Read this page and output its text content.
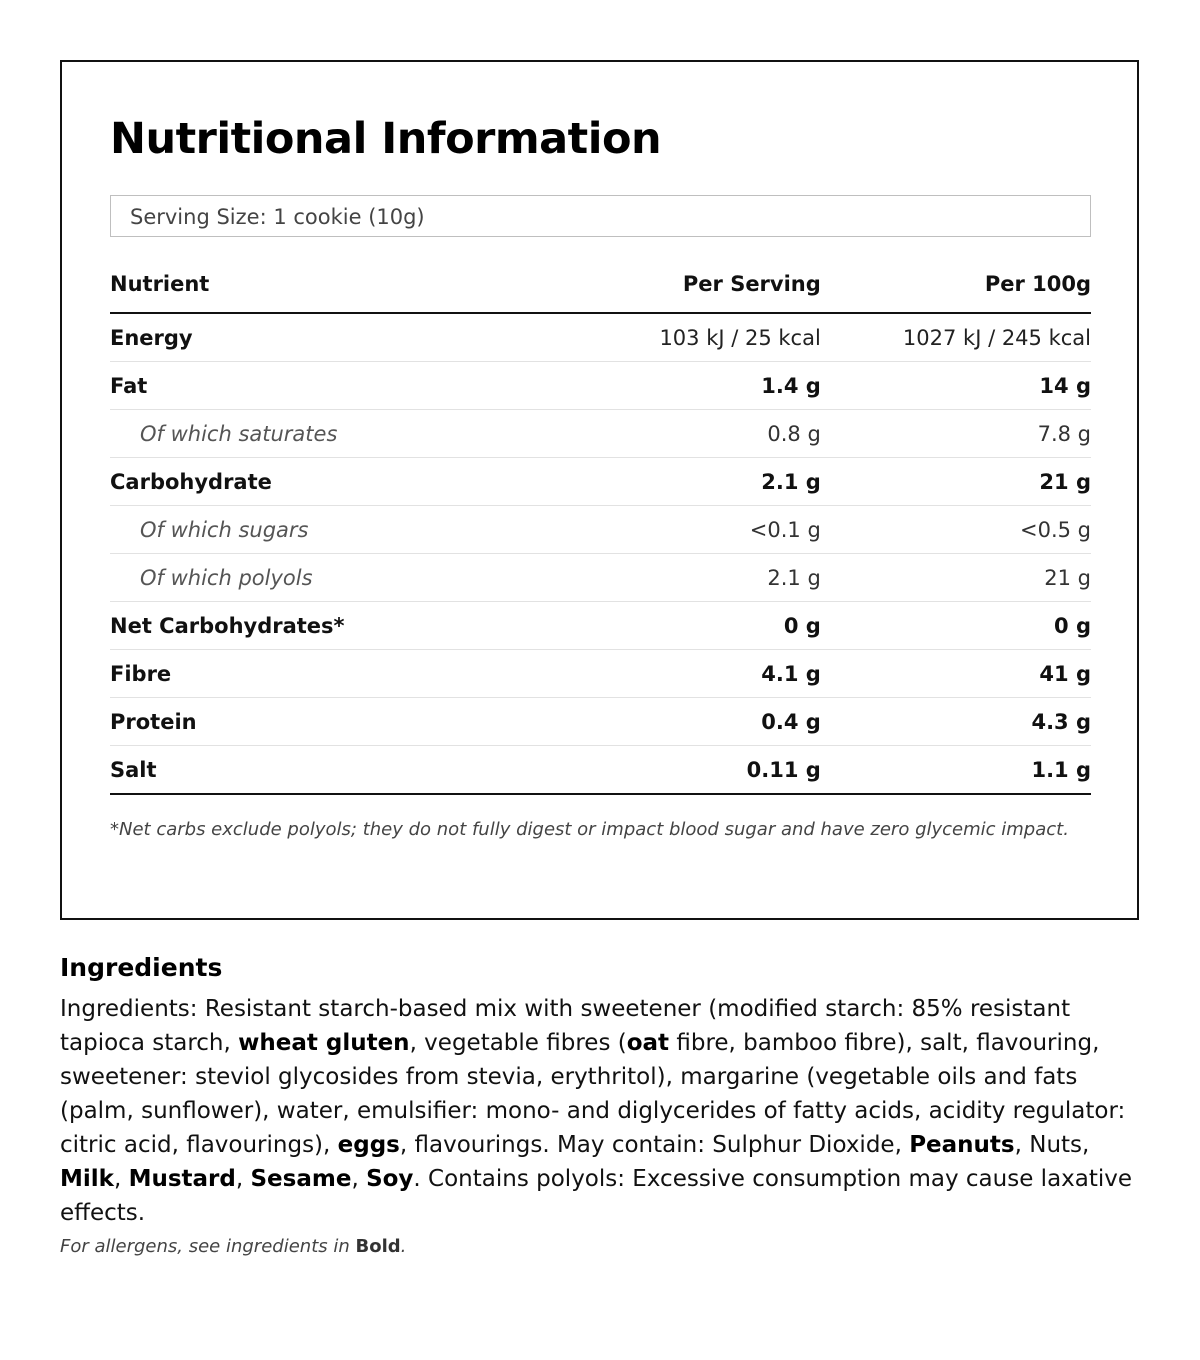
Nutritional Information
Serving Size: 1 cookie (10g)
Nutrient	Per Serving	Per 100g
Energy	103 kJ / 25 kcal	1027 kJ / 245 kcal
Fat	1.4 g	14 g
Of which saturates	0.8 g	7.8 g
Carbohydrate	2.1 g	21 g
Of which sugars	<0.1 g	<0.5 g
Of which polyols	2.1 g	21 g
Net Carbohydrates*	0 g	0 g
Fibre	4.1 g	41 g
Protein	0.4 g	4.3 g
Salt	0.11 g	1.1 g

*Net carbs exclude polyols; they do not fully digest or impact blood sugar and have zero glycemic impact.

Ingredients

Ingredients: Resistant starch-based mix with sweetener (modified starch: 85% resistant tapioca starch, wheat gluten, vegetable fibres (oat fibre, bamboo fibre), salt, flavouring, sweetener: steviol glycosides from stevia, erythritol), margarine (vegetable oils and fats (palm, sunflower), water, emulsifier: mono- and diglycerides of fatty acids, acidity regulator: citric acid, flavourings), eggs, flavourings. May contain: Sulphur Dioxide, Peanuts, Nuts, Milk, Mustard, Sesame, Soy. Contains polyols: Excessive consumption may cause laxative effects.

For allergens, see ingredients in Bold.
